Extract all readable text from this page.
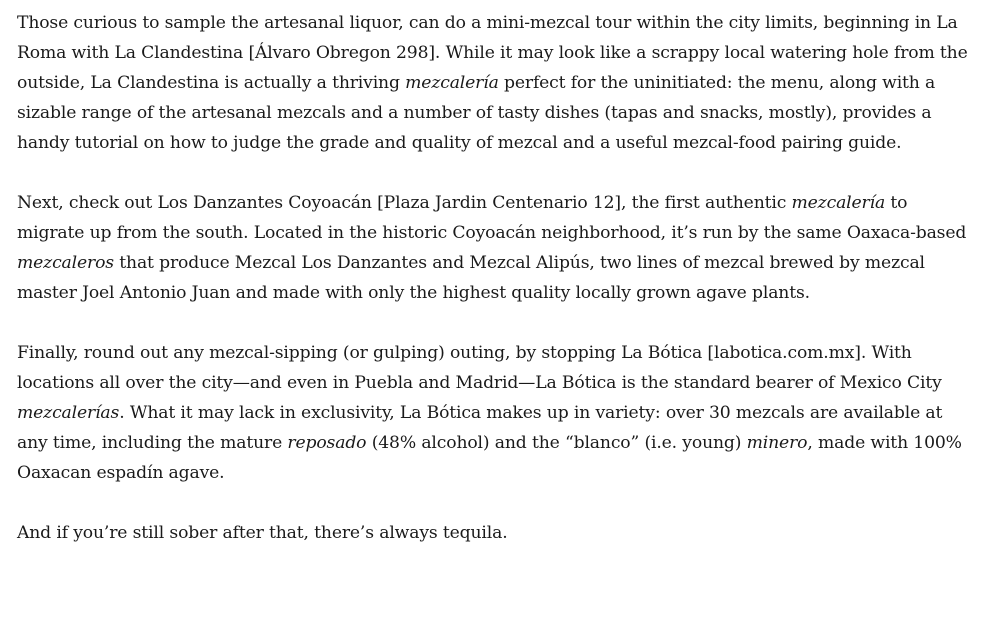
Those curious to sample the artesanal liquor, can do a mini-mezcal tour within the city limits, beginning in La Roma with La Clandestina [Álvaro Obregon 298]. While it may look like a scrappy local watering hole from the outside, La Clandestina is actually a thriving mezcalería perfect for the uninitiated: the menu, along with a sizable range of the artesanal mezcals and a number of tasty dishes (tapas and snacks, mostly), provides a handy tutorial on how to judge the grade and quality of mezcal and a useful mezcal-food pairing guide.

Next, check out Los Danzantes Coyoacán [Plaza Jardin Centenario 12], the first authentic mezcalería to migrate up from the south. Located in the historic Coyoacán neighborhood, it’s run by the same Oaxaca-based mezcaleros that produce Mezcal Los Danzantes and Mezcal Alipús, two lines of mezcal brewed by mezcal master Joel Antonio Juan and made with only the highest quality locally grown agave plants.

Finally, round out any mezcal-sipping (or gulping) outing, by stopping La Bótica [labotica.com.mx]. With locations all over the city—and even in Puebla and Madrid—La Bótica is the standard bearer of Mexico City mezcalerías. What it may lack in exclusivity, La Bótica makes up in variety: over 30 mezcals are available at any time, including the mature reposado (48% alcohol) and the “blanco” (i.e. young) minero, made with 100% Oaxacan espadín agave.

And if you’re still sober after that, there’s always tequila.
